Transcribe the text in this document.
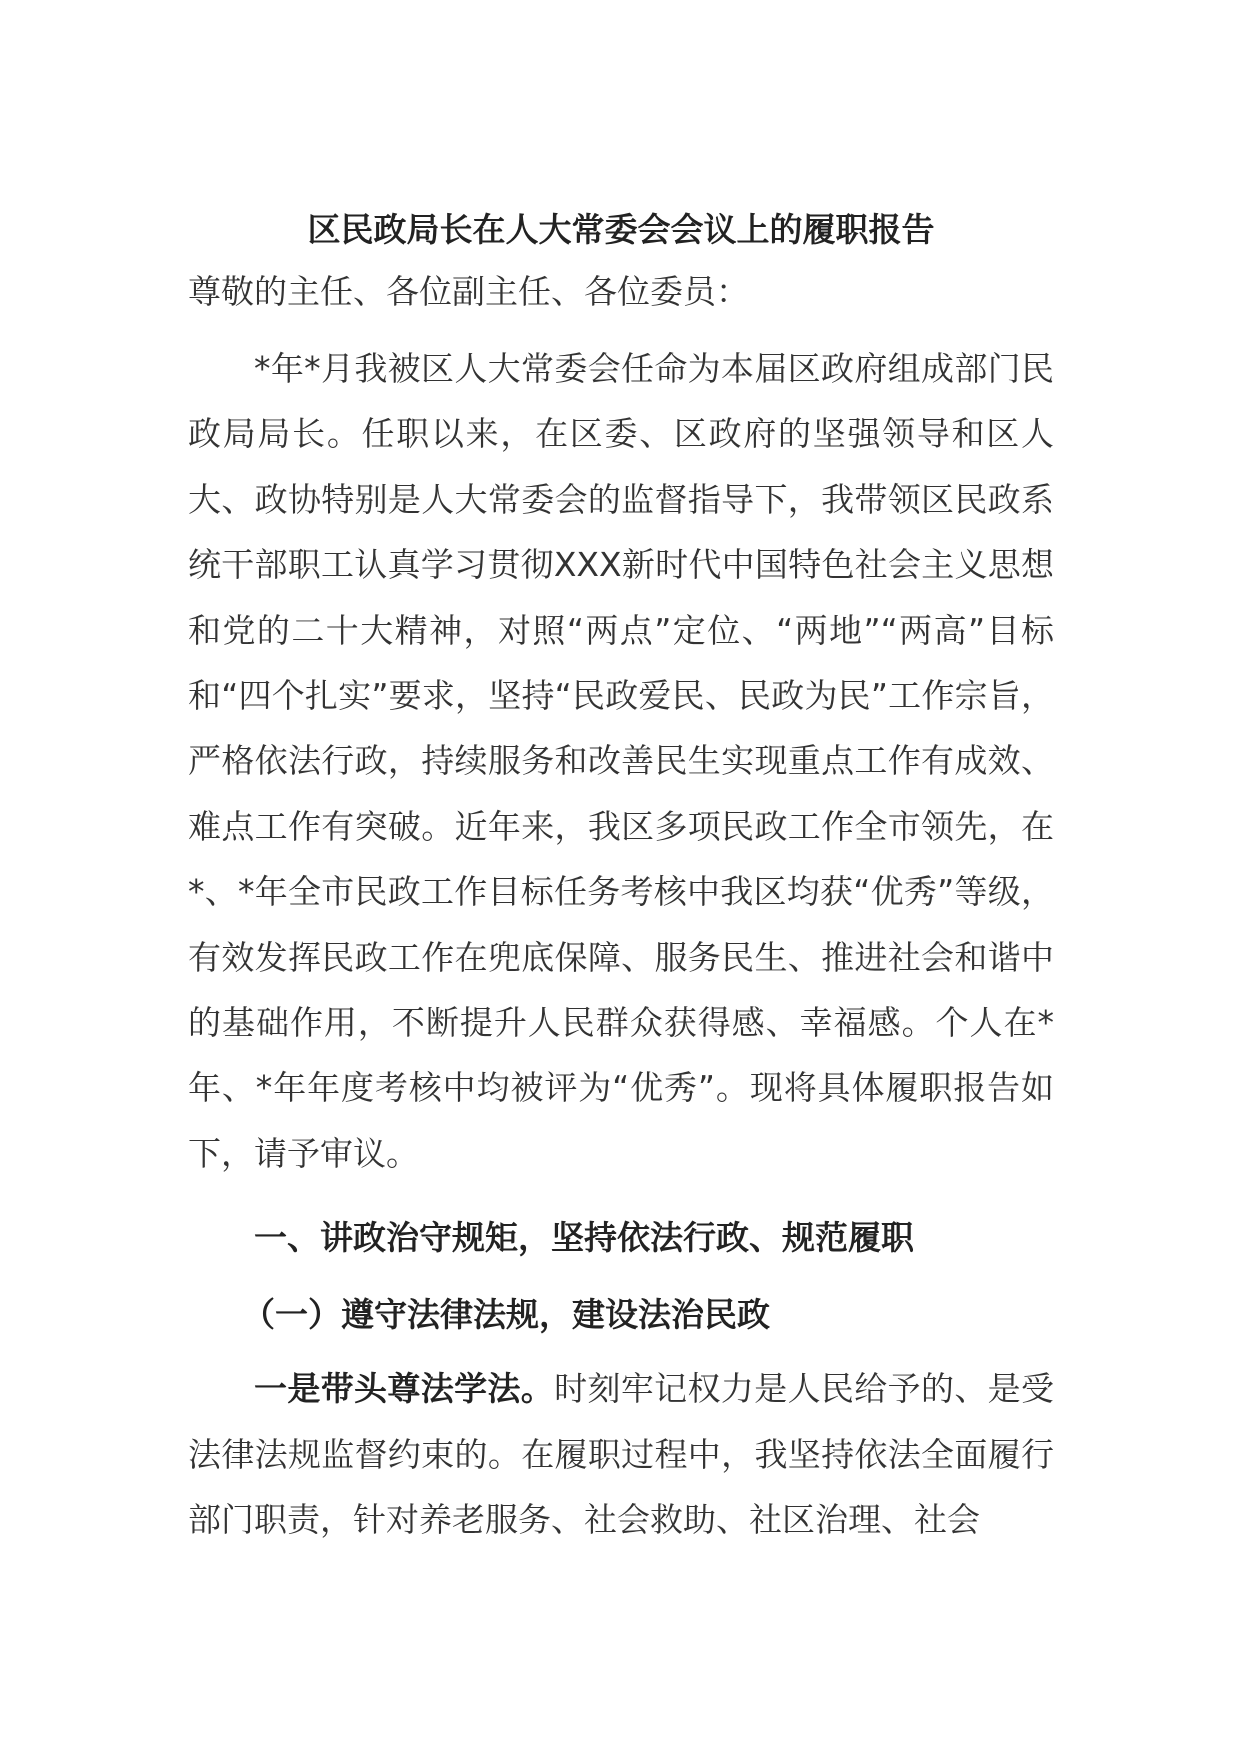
区民政局长在人大常委会会议上的履职报告

尊敬的主任、各位副主任、各位委员：

*年*月我被区人大常委会任命为本届区政府组成部门民政局局长。任职以来，在区委、区政府的坚强领导和区人大、政协特别是人大常委会的监督指导下，我带领区民政系统干部职工认真学习贯彻XXX新时代中国特色社会主义思想和党的二十大精神，对照“两点”定位、“两地”“两高”目标和“四个扎实”要求，坚持“民政爱民、民政为民”工作宗旨，严格依法行政，持续服务和改善民生实现重点工作有成效、难点工作有突破。近年来，我区多项民政工作全市领先，在*、*年全市民政工作目标任务考核中我区均获“优秀”等级，有效发挥民政工作在兜底保障、服务民生、推进社会和谐中的基础作用，不断提升人民群众获得感、幸福感。个人在*年、*年年度考核中均被评为“优秀”。现将具体履职报告如下，请予审议。

一、讲政治守规矩，坚持依法行政、规范履职

（一）遵守法律法规，建设法治民政

一是带头尊法学法。时刻牢记权力是人民给予的、是受法律法规监督约束的。在履职过程中，我坚持依法全面履行部门职责，针对养老服务、社会救助、社区治理、社会
